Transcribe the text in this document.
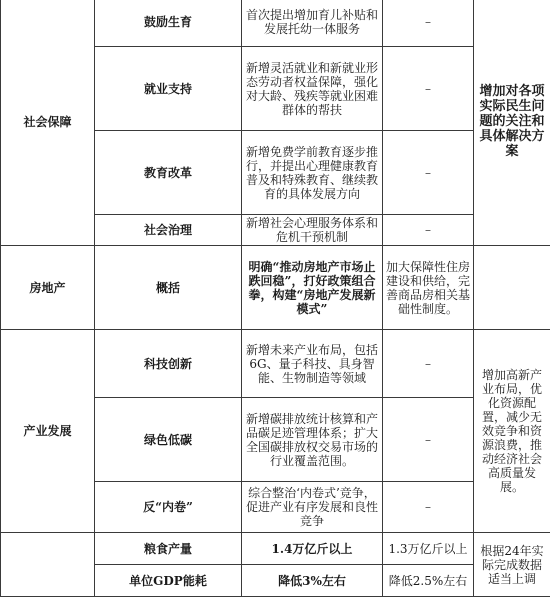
社会保障	鼓励生育	首次提出增加育儿补贴和发展托幼一体服务	–	增加对各项实际民生问题的关注和具体解决方案
	就业支持	新增灵活就业和新就业形态劳动者权益保障，强化对大龄、残疾等就业困难群体的帮扶	–	
	教育改革	新增免费学前教育逐步推行，并提出心理健康教育普及和特殊教育、继续教育的具体发展方向	–	
	社会治理	新增社会心理服务体系和危机干预机制	–	
房地产	概括	明确“推动房地产市场止跌回稳”，打好政策组合拳，构建“房地产发展新模式”	加大保障性住房建设和供给，完善商品房相关基础性制度。	
产业发展	科技创新	新增未来产业布局，包括6G、量子科技、具身智能、生物制造等领域	–	增加高新产业布局，优化资源配置，减少无效竞争和资源浪费，推动经济社会高质量发展。
	绿色低碳	新增碳排放统计核算和产品碳足迹管理体系；扩大全国碳排放权交易市场的行业覆盖范围。	–	
	反“内卷”	综合整治‘内卷式’竞争，促进产业有序发展和良性竞争	–	
	粮食产量	1.4万亿斤以上	1.3万亿斤以上	根据24年实际完成数据适当上调
	单位GDP能耗	降低3%左右	降低2.5%左右	
